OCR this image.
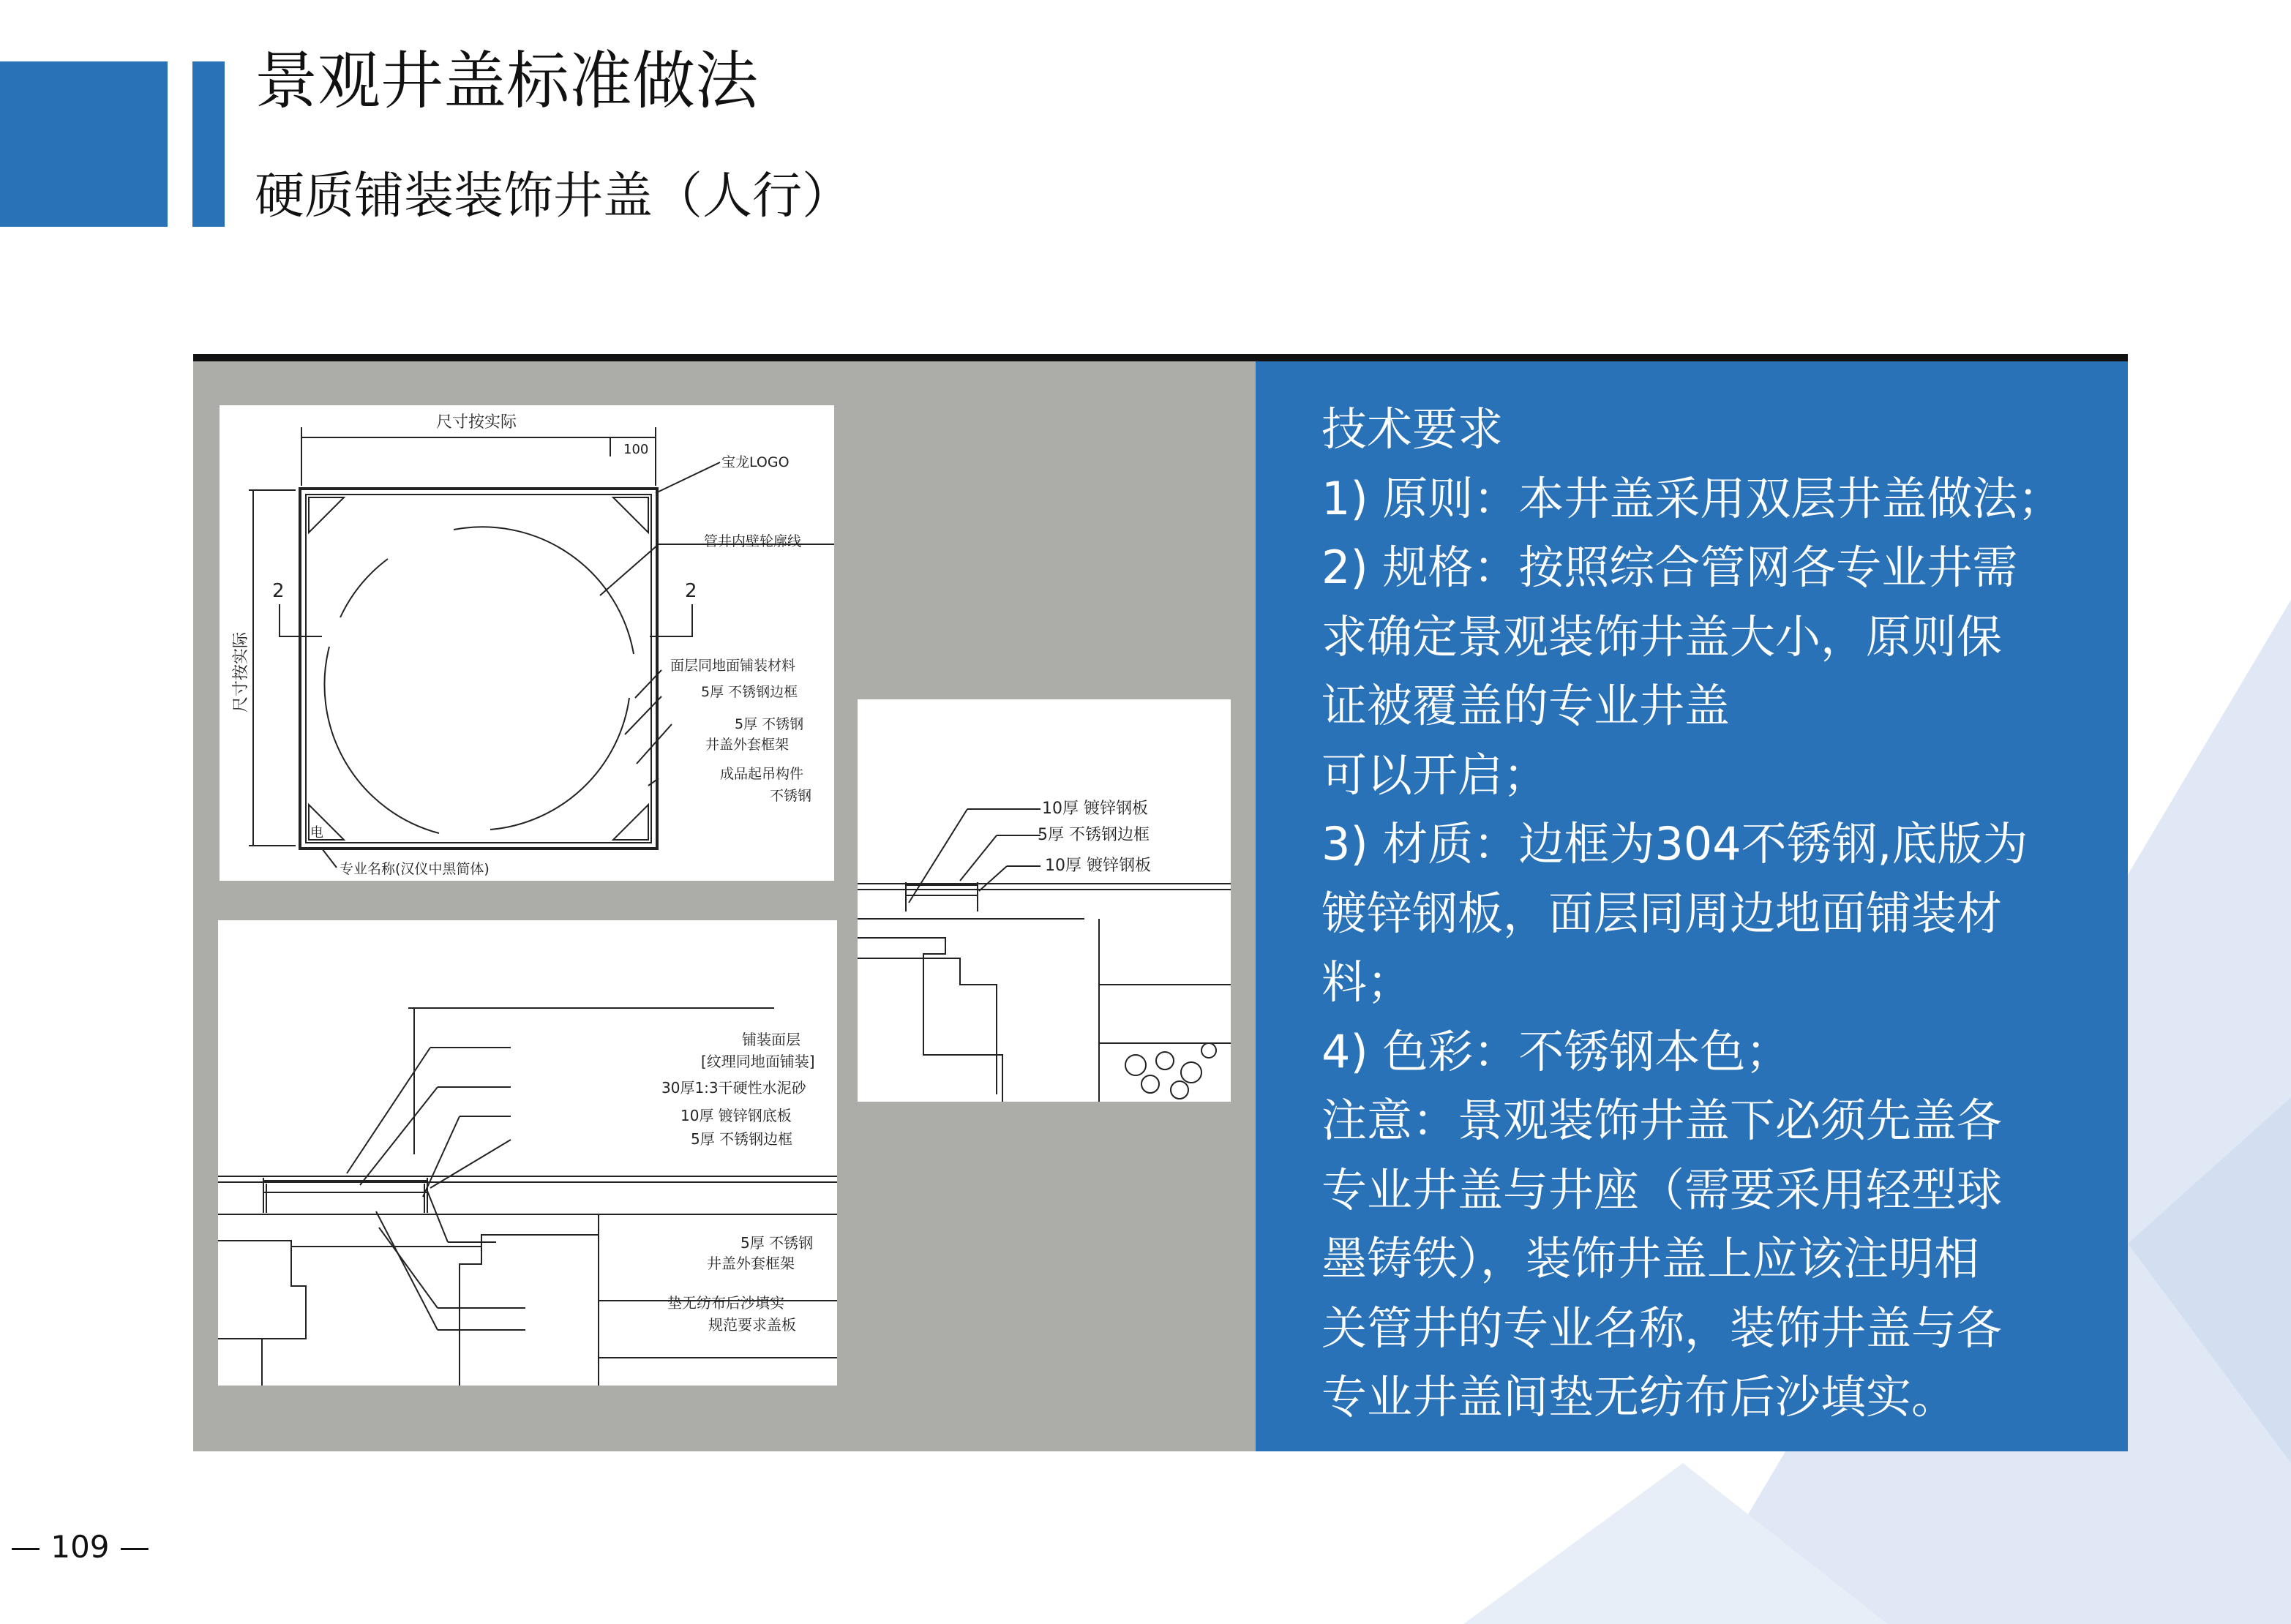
景观井盖标准做法
硬质铺装装饰井盖（人行）
技术要求
1) 原则：本井盖采用双层井盖做法；
2) 规格：按照综合管网各专业井需
求确定景观装饰井盖大小，原则保
证被覆盖的专业井盖
可以开启；
3) 材质：边框为304不锈钢,底版为
镀锌钢板，面层同周边地面铺装材
料；
4) 色彩：不锈钢本色；
注意：景观装饰井盖下必须先盖各
专业井盖与井座（需要采用轻型球
墨铸铁），装饰井盖上应该注明相
关管井的专业名称，装饰井盖与各
专业井盖间垫无纺布后沙填实。
尺寸按实际
100
尺寸按实际
宝龙LOGO
管井内壁轮廓线
面层同地面铺装材料
5厚 不锈钢边框
5厚 不锈钢
井盖外套框架
成品起吊构件
不锈钢
专业名称(汉仪中黑简体)
2	2
电
10厚 镀锌钢板
5厚 不锈钢边框
10厚 镀锌钢板
铺装面层
[纹理同地面铺装]
30厚1:3干硬性水泥砂
10厚 镀锌钢底板
5厚 不锈钢边框
5厚 不锈钢
井盖外套框架
垫无纺布后沙填实
规范要求盖板
— 109 —
